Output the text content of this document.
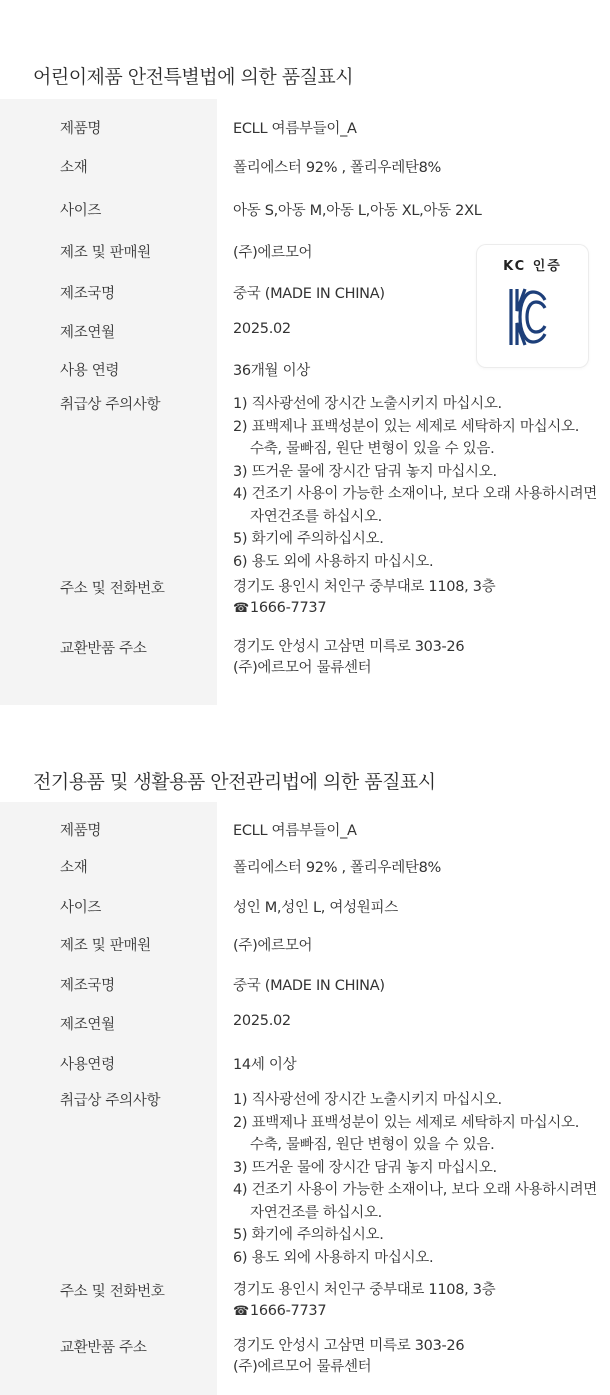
어린이제품 안전특별법에 의한 품질표시
제품명	ECLL 여름부들이_A
소재	폴리에스터 92% , 폴리우레탄8%
사이즈	아동 S,아동 M,아동 L,아동 XL,아동 2XL
제조 및 판매원	(주)에르모어
제조국명	중국 (MADE IN CHINA)
제조연월	2025.02
사용 연령	36개월 이상
취급상 주의사항	1) 직사광선에 장시간 노출시키지 마십시오.
2) 표백제나 표백성분이 있는 세제로 세탁하지 마십시오.
수축, 물빠짐, 원단 변형이 있을 수 있음.
3) 뜨거운 물에 장시간 담궈 놓지 마십시오.
4) 건조기 사용이 가능한 소재이나, 보다 오래 사용하시려면
자연건조를 하십시오.
5) 화기에 주의하십시오.
6) 용도 외에 사용하지 마십시오.
주소 및 전화번호	경기도 용인시 처인구 중부대로 1108, 3층
☎1666-7737
교환반품 주소	경기도 안성시 고삼면 미륵로 303-26
(주)에르모어 물류센터
KC 인증
전기용품 및 생활용품 안전관리법에 의한 품질표시
제품명	ECLL 여름부들이_A
소재	폴리에스터 92% , 폴리우레탄8%
사이즈	성인 M,성인 L, 여성원피스
제조 및 판매원	(주)에르모어
제조국명	중국 (MADE IN CHINA)
제조연월	2025.02
사용연령	14세 이상
취급상 주의사항	1) 직사광선에 장시간 노출시키지 마십시오.
2) 표백제나 표백성분이 있는 세제로 세탁하지 마십시오.
수축, 물빠짐, 원단 변형이 있을 수 있음.
3) 뜨거운 물에 장시간 담궈 놓지 마십시오.
4) 건조기 사용이 가능한 소재이나, 보다 오래 사용하시려면
자연건조를 하십시오.
5) 화기에 주의하십시오.
6) 용도 외에 사용하지 마십시오.
주소 및 전화번호	경기도 용인시 처인구 중부대로 1108, 3층
☎1666-7737
교환반품 주소	경기도 안성시 고삼면 미륵로 303-26
(주)에르모어 물류센터
